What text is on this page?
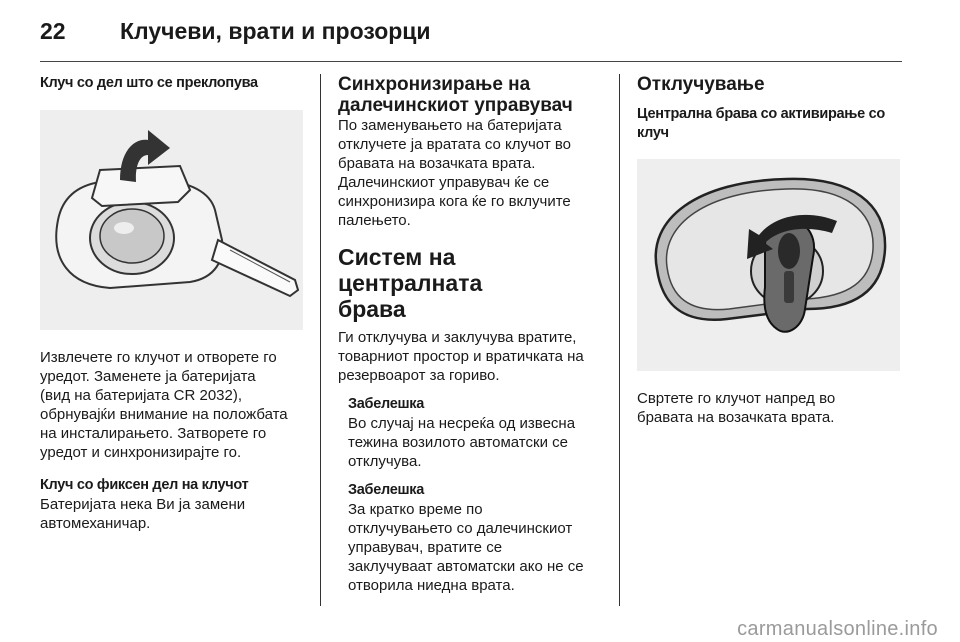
22 Клучеви, врати и прозорци

Клуч со дел што се преклопува

Извлечете го клучот и отворете го
уредот. Заменете ја батеријата
(вид на батеријата CR 2032),
обрнувајќи внимание на положбата
на инсталирањето. Затворете го
уредот и синхронизирајте го.

Клуч со фиксен дел на клучот

Батеријата нека Ви ја замени
автомеханичар.

Синхронизирање на
далечинскиот управувач

По заменувањето на батеријата
отклучете ја вратата со клучот во
бравата на возачката врата.
Далечинскиот управувач ќе се
синхронизира кога ќе го вклучите
палењето.

Систем на централната
брава

Ги отклучува и заклучува вратите,
товарниот простор и вратичката на
резервоарот за гориво.

Забелешка

Во случај на несреќа од извесна
тежина возилото автоматски се
отклучува.

Забелешка

За кратко време по
отклучувањето со далечинскиот
управувач, вратите се
заклучуваат автоматски ако не се
отворила ниедна врата.

Отклучување

Централна брава со активирање со
клуч

Свртете го клучот напред во
бравата на возачката врата.

carmanualsonline.info
